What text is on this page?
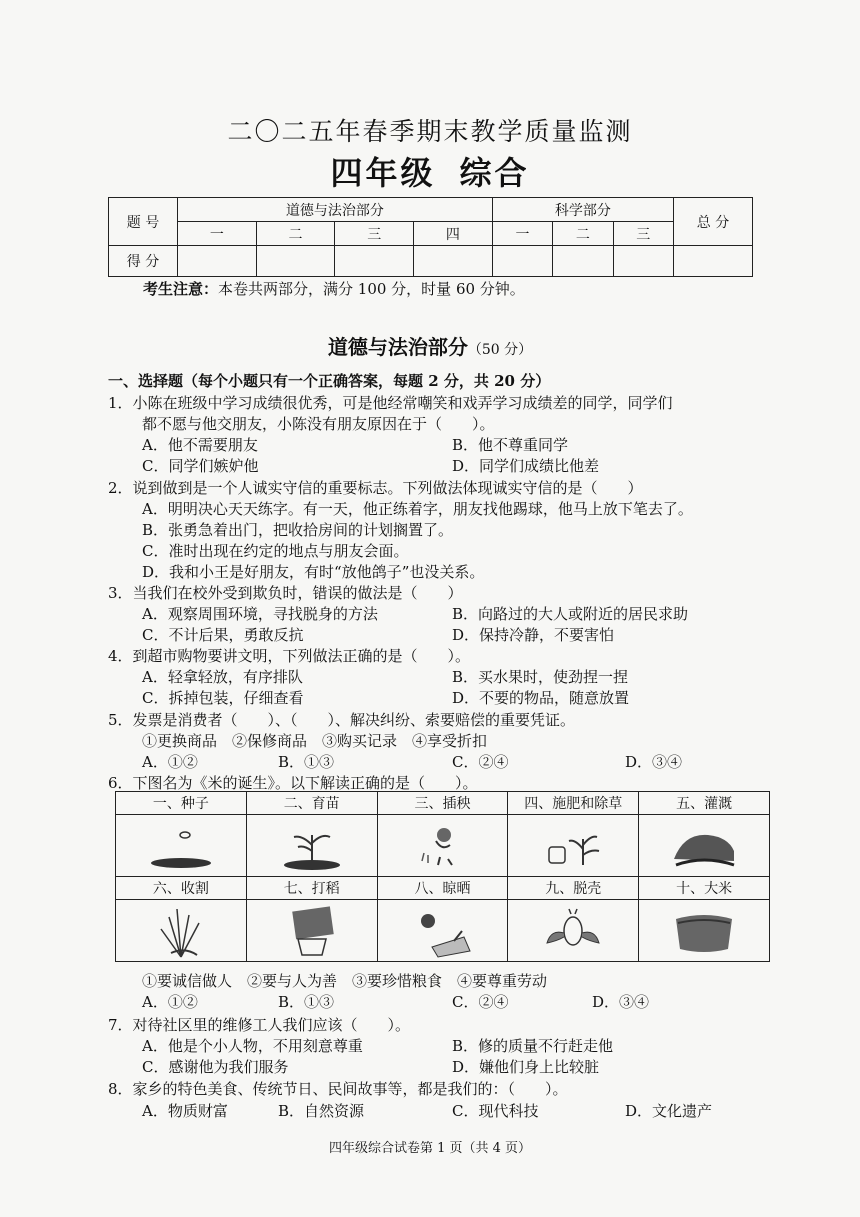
二〇二五年春季期末教学质量监测
四年级 综合
题 号	道德与法治部分				科学部分			总 分
	一	二	三	四	一	二	三	
得 分								
考生注意：本卷共两部分，满分 100 分，时量 60 分钟。
道德与法治部分（50 分）
一、选择题（每个小题只有一个正确答案，每题 2 分，共 20 分）
1．小陈在班级中学习成绩很优秀，可是他经常嘲笑和戏弄学习成绩差的同学，同学们
都不愿与他交朋友，小陈没有朋友原因在于（　　）。
A．他不需要朋友	B．他不尊重同学
C．同学们嫉妒他	D．同学们成绩比他差
2．说到做到是一个人诚实守信的重要标志。下列做法体现诚实守信的是（　　）
A．明明决心天天练字。有一天，他正练着字，朋友找他踢球，他马上放下笔去了。
B．张勇急着出门，把收拾房间的计划搁置了。
C．准时出现在约定的地点与朋友会面。
D．我和小王是好朋友，有时“放他鸽子”也没关系。
3．当我们在校外受到欺负时，错误的做法是（　　）
A．观察周围环境，寻找脱身的方法	B．向路过的大人或附近的居民求助
C．不计后果，勇敢反抗	D．保持冷静，不要害怕
4．到超市购物要讲文明，下列做法正确的是（　　）。
A．轻拿轻放，有序排队	B．买水果时，使劲捏一捏
C．拆掉包装，仔细查看	D．不要的物品，随意放置
5．发票是消费者（　　）、（　　）、解决纠纷、索要赔偿的重要凭证。
①更换商品　②保修商品　③购买记录　④享受折扣
A．①②	B．①③	C．②④	D．③④
6．下图名为《米的诞生》。以下解读正确的是（　　）。
一、种子	二、育苗	三、插秧	四、施肥和除草	五、灌溉

六、收割	七、打稻	八、晾晒	九、脱壳	十、大米

①要诚信做人　②要与人为善　③要珍惜粮食　④要尊重劳动
A．①②	B．①③	C．②④	D．③④
7．对待社区里的维修工人我们应该（　　）。
A．他是个小人物，不用刻意尊重	B．修的质量不行赶走他
C．感谢他为我们服务	D．嫌他们身上比较脏
8．家乡的特色美食、传统节日、民间故事等，都是我们的：（　　）。
A．物质财富	B．自然资源	C．现代科技	D．文化遗产
四年级综合试卷第 1 页（共 4 页）
